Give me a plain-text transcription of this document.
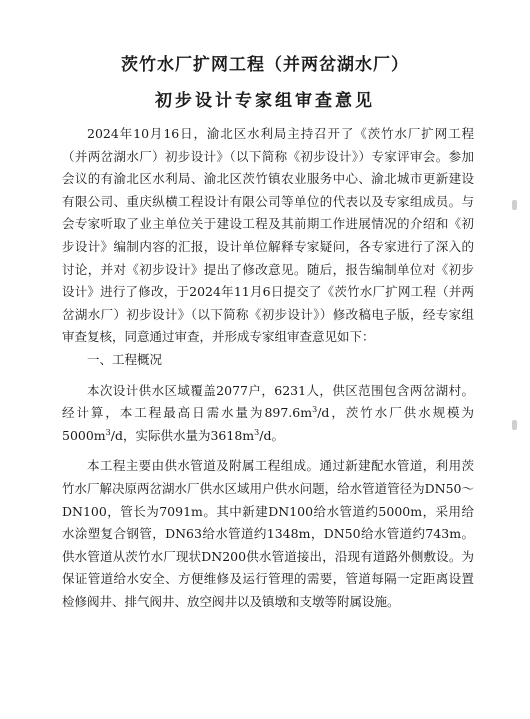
茨竹水厂扩网工程（并两岔湖水厂）
初步设计专家组审查意见

2024年10月16日，渝北区水利局主持召开了《茨竹水厂扩网工程（并两岔湖水厂）初步设计》（以下简称《初步设计》）专家评审会。参加会议的有渝北区水利局、渝北区茨竹镇农业服务中心、渝北城市更新建设有限公司、重庆纵横工程设计有限公司等单位的代表以及专家组成员。与会专家听取了业主单位关于建设工程及其前期工作进展情况的介绍和《初步设计》编制内容的汇报，设计单位解释专家疑问，各专家进行了深入的讨论，并对《初步设计》提出了修改意见。随后，报告编制单位对《初步设计》进行了修改，于2024年11月6日提交了《茨竹水厂扩网工程（并两岔湖水厂）初步设计》（以下简称《初步设计》）修改稿电子版，经专家组审查复核，同意通过审查，并形成专家组审查意见如下：

一、工程概况

本次设计供水区域覆盖2077户，6231人，供区范围包含两岔湖村。经计算，本工程最高日需水量为$897.6m^3/d$，茨竹水厂供水规模为$5000m^3/d$，实际供水量为$3618m^3/d$。

本工程主要由供水管道及附属工程组成。通过新建配水管道，利用茨竹水厂解决原两岔湖水厂供水区域用户供水问题，给水管道管径为DN50～DN100，管长为7091m。其中新建DN100给水管道约5000m，采用给水涂塑复合钢管，DN63给水管道约1348m，DN50给水管道约743m。供水管道从茨竹水厂现状DN200供水管道接出，沿现有道路外侧敷设。为保证管道给水安全、方便维修及运行管理的需要，管道每隔一定距离设置检修阀井、排气阀井、放空阀井以及镇墩和支墩等附属设施。
